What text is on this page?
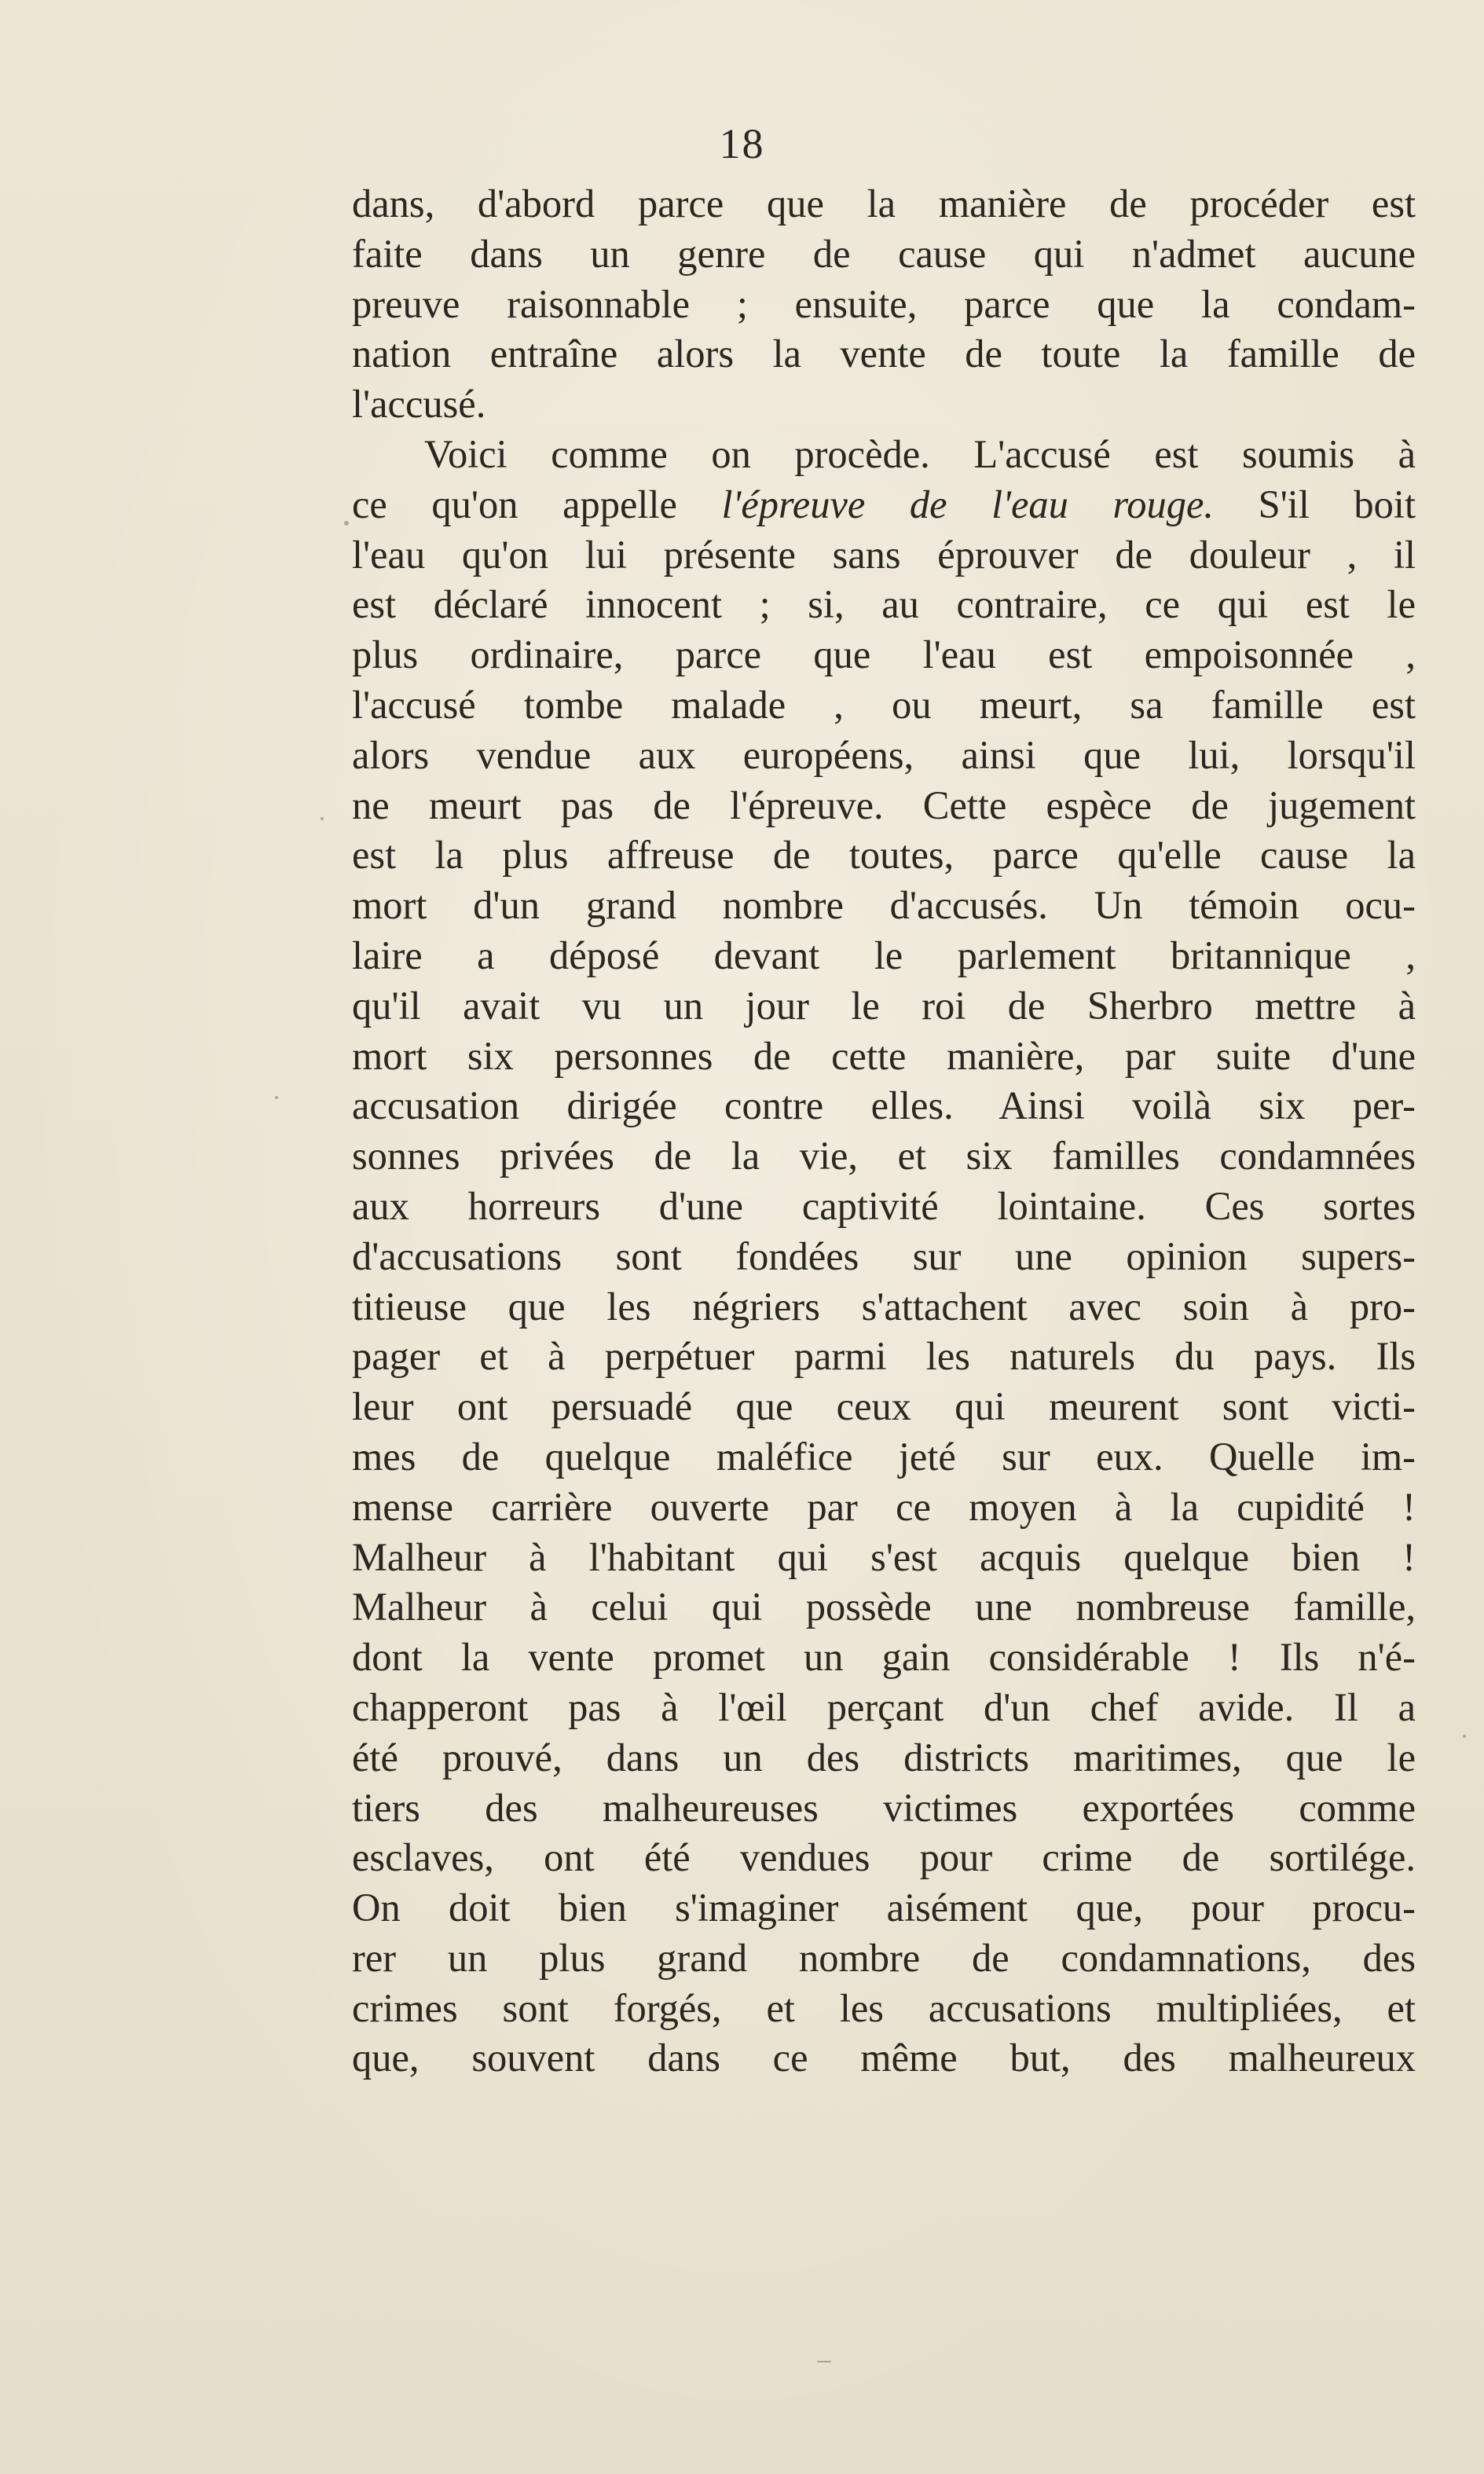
18
dans, d'abord parce que la manière de procéder est
faite dans un genre de cause qui n'admet aucune
preuve raisonnable ; ensuite, parce que la condam-
nation entraîne alors la vente de toute la famille de
l'accusé.
Voici comme on procède. L'accusé est soumis à
ce qu'on appelle l'épreuve de l'eau rouge. S'il boit
l'eau qu'on lui présente sans éprouver de douleur , il
est déclaré innocent ; si, au contraire, ce qui est le
plus ordinaire, parce que l'eau est empoisonnée ,
l'accusé tombe malade , ou meurt, sa famille est
alors vendue aux européens, ainsi que lui, lorsqu'il
ne meurt pas de l'épreuve. Cette espèce de jugement
est la plus affreuse de toutes, parce qu'elle cause la
mort d'un grand nombre d'accusés. Un témoin ocu-
laire a déposé devant le parlement britannique ,
qu'il avait vu un jour le roi de Sherbro mettre à
mort six personnes de cette manière, par suite d'une
accusation dirigée contre elles. Ainsi voilà six per-
sonnes privées de la vie, et six familles condamnées
aux horreurs d'une captivité lointaine. Ces sortes
d'accusations sont fondées sur une opinion supers-
titieuse que les négriers s'attachent avec soin à pro-
pager et à perpétuer parmi les naturels du pays. Ils
leur ont persuadé que ceux qui meurent sont victi-
mes de quelque maléfice jeté sur eux. Quelle im-
mense carrière ouverte par ce moyen à la cupidité !
Malheur à l'habitant qui s'est acquis quelque bien !
Malheur à celui qui possède une nombreuse famille,
dont la vente promet un gain considérable ! Ils n'é-
chapperont pas à l'œil perçant d'un chef avide. Il a
été prouvé, dans un des districts maritimes, que le
tiers des malheureuses victimes exportées comme
esclaves, ont été vendues pour crime de sortilége.
On doit bien s'imaginer aisément que, pour procu-
rer un plus grand nombre de condamnations, des
crimes sont forgés, et les accusations multipliées, et
que, souvent dans ce même but, des malheureux
